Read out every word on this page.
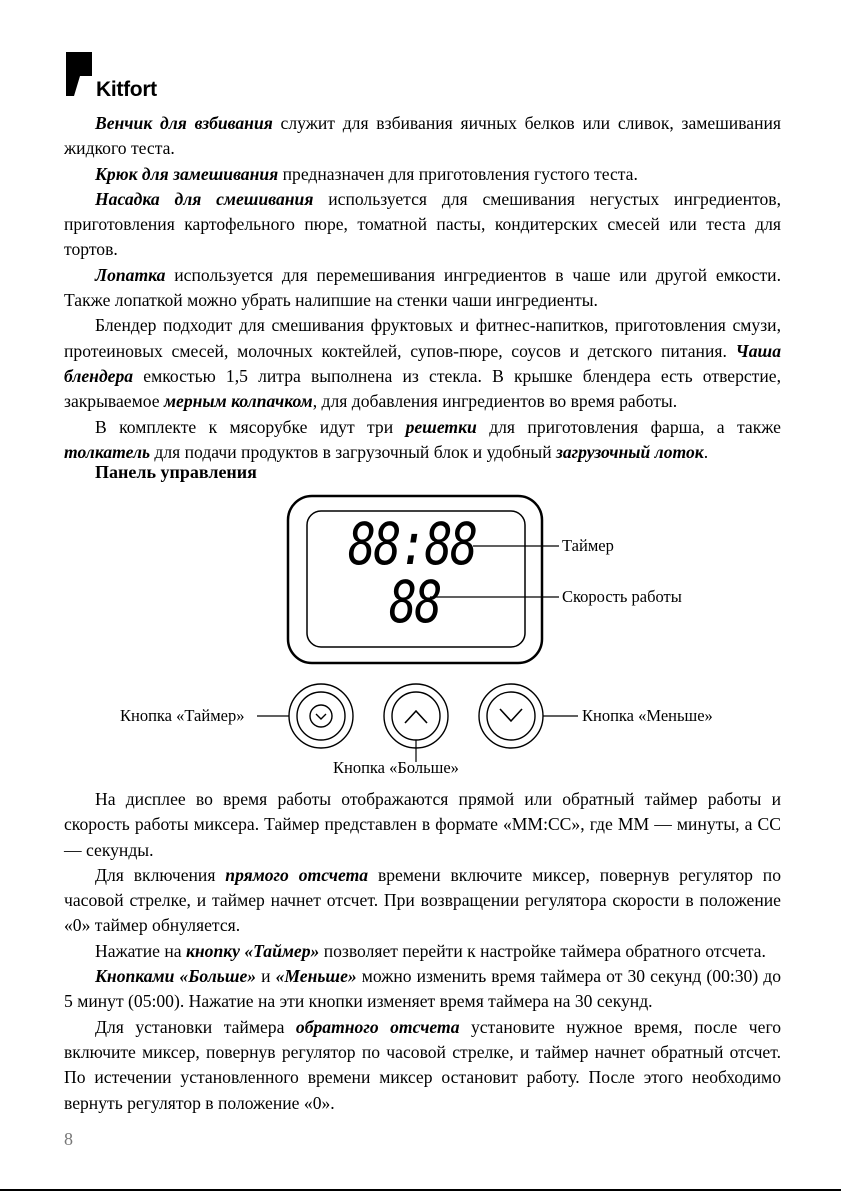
Kitfort

Венчик для взбивания служит для взбивания яичных белков или сливок, замешивания жидкого теста.

Крюк для замешивания предназначен для приготовления густого теста.

Насадка для смешивания используется для смешивания негустых ингредиентов, приготовления картофельного пюре, томатной пасты, кондитерских смесей или теста для тортов.

Лопатка используется для перемешивания ингредиентов в чаше или другой емкости. Также лопаткой можно убрать налипшие на стенки чаши ингредиенты.

Блендер подходит для смешивания фруктовых и фитнес-напитков, приготовления смузи, протеиновых смесей, молочных коктейлей, супов-пюре, соусов и детского питания. Чаша блендера емкостью 1,5 литра выполнена из стекла. В крышке блендера есть отверстие, закрываемое мерным колпачком, для добавления ингредиентов во время работы.

В комплекте к мясорубке идут три решетки для приготовления фарша, а также толкатель для подачи продуктов в загрузочный блок и удобный загрузочный лоток.

Панель управления
88:88
88
Таймер
Скорость работы
Кнопка «Таймер»	Кнопка «Меньше»
Кнопка «Больше»

На дисплее во время работы отображаются прямой или обратный таймер работы и скорость работы миксера. Таймер представлен в формате «ММ:СС», где ММ — минуты, а СС — секунды.

Для включения прямого отсчета времени включите миксер, повернув регулятор по часовой стрелке, и таймер начнет отсчет. При возвращении регулятора скорости в положение «0» таймер обнуляется.

Нажатие на кнопку «Таймер» позволяет перейти к настройке таймера обратного отсчета.

Кнопками «Больше» и «Меньше» можно изменить время таймера от 30 секунд (00:30) до 5 минут (05:00). Нажатие на эти кнопки изменяет время таймера на 30 секунд.

Для установки таймера обратного отсчета установите нужное время, после чего включите миксер, повернув регулятор по часовой стрелке, и таймер начнет обратный отсчет. По истечении установленного времени миксер остановит работу. После этого необходимо вернуть регулятор в положение «0».

8
